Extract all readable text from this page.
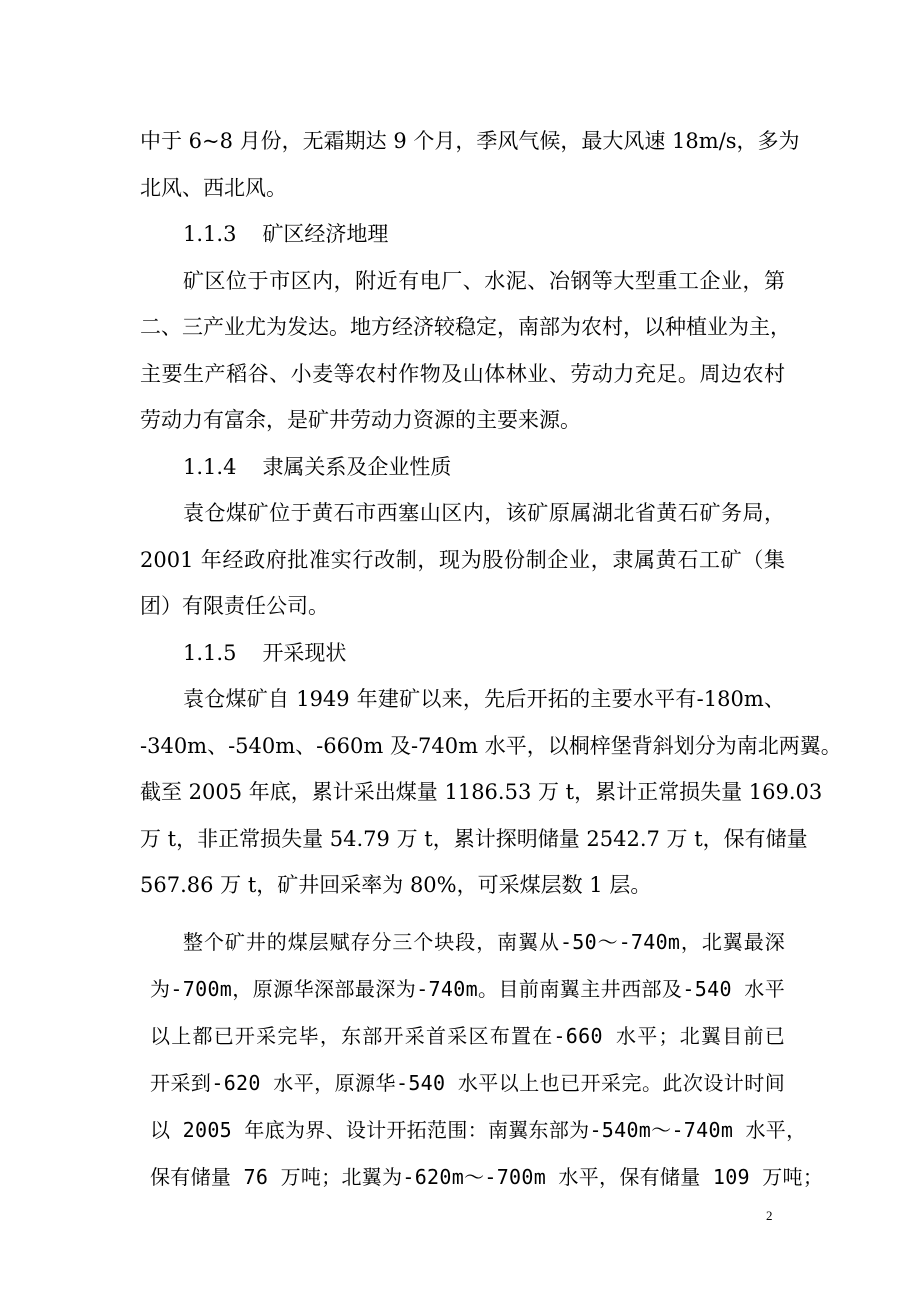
中于 6~8 月份，无霜期达 9 个月，季风气候，最大风速 18m/s，多为
北风、西北风。
1.1.3 矿区经济地理
矿区位于市区内，附近有电厂、水泥、冶钢等大型重工企业，第
二、三产业尤为发达。地方经济较稳定，南部为农村，以种植业为主，
主要生产稻谷、小麦等农村作物及山体林业、劳动力充足。周边农村
劳动力有富余，是矿井劳动力资源的主要来源。
1.1.4 隶属关系及企业性质
袁仓煤矿位于黄石市西塞山区内，该矿原属湖北省黄石矿务局，
2001 年经政府批准实行改制，现为股份制企业，隶属黄石工矿（集
团）有限责任公司。
1.1.5 开采现状
袁仓煤矿自 1949 年建矿以来，先后开拓的主要水平有-180m、
-340m、-540m、-660m 及-740m 水平，以桐梓堡背斜划分为南北两翼。
截至 2005 年底，累计采出煤量 1186.53 万 t，累计正常损失量 169.03
万 t，非正常损失量 54.79 万 t，累计探明储量 2542.7 万 t，保有储量
567.86 万 t，矿井回采率为 80%，可采煤层数 1 层。
整个矿井的煤层赋存分三个块段，南翼从-50～-740m，北翼最深
为-700m，原源华深部最深为-740m。目前南翼主井西部及-540 水平
以上都已开采完毕，东部开采首采区布置在-660 水平；北翼目前已
开采到-620 水平，原源华-540 水平以上也已开采完。此次设计时间
以 2005 年底为界、设计开拓范围：南翼东部为-540m～-740m 水平，
保有储量 76 万吨；北翼为-620m～-700m 水平，保有储量 109 万吨；
2
